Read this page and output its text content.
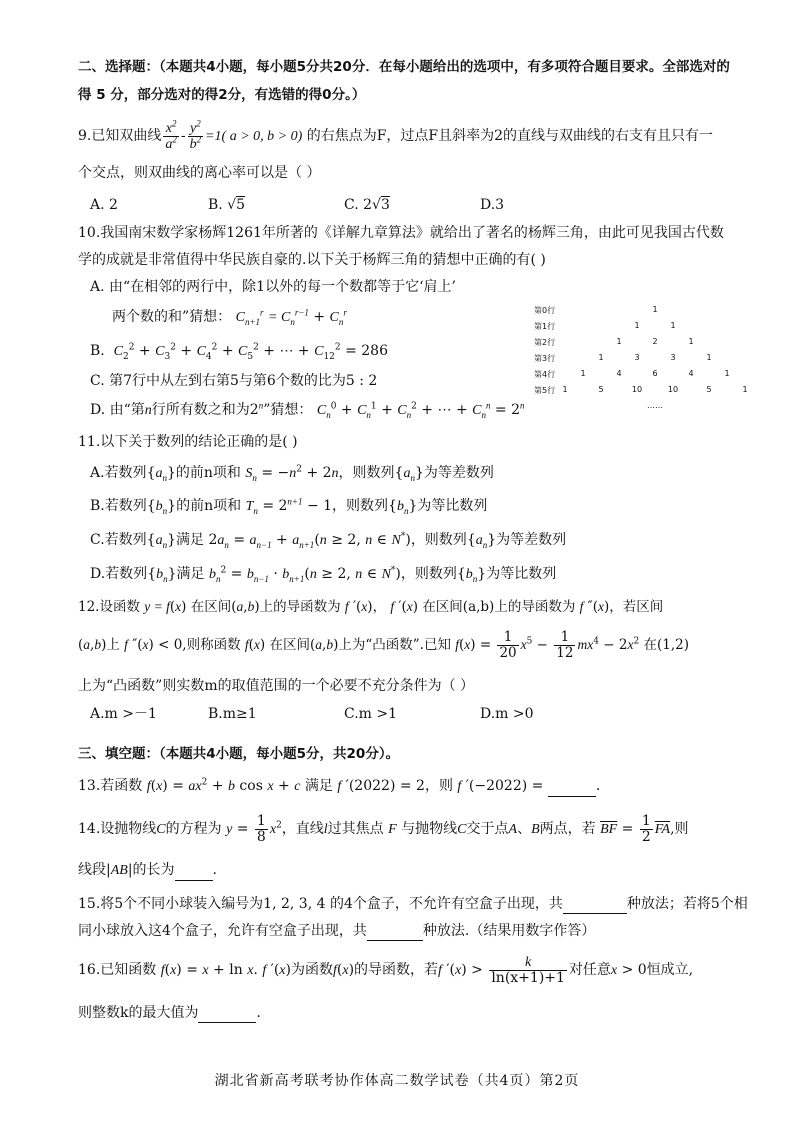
二、选择题：（本题共4小题，每小题5分共20分．在每小题给出的选项中，有多项符合题目要求。全部选对的
得 5 分，部分选对的得2分，有选错的得0分。）
9.已知双曲线 $\frac{x^2}{a^2} - \frac{y^2}{b^2} =1$( a > 0, b > 0) 的右焦点为F，过点F且斜率为2的直线与双曲线的右支有且只有一
个交点，则双曲线的离心率可以是（ ）
A. 2	B. √5	C. 2√3	D.3
10.我国南宋数学家杨辉1261年所著的《详解九章算法》就给出了著名的杨辉三角，由此可见我国古代数
学的成就是非常值得中华民族自豪的.以下关于杨辉三角的猜想中正确的有( )
A. 由“在相邻的两行中，除1以外的每一个数都等于它‘肩上’
两个数的和”猜想： $C_{n+1}^r = C_n^{r-1} + C_n^r$
B. $C_2^2 + C_3^2 + C_4^2 + C_5^2$ + ⋯ + $C_{12}^2 = 286$
C. 第7行中从左到右第5与第6个数的比为5 : 2
D. 由“第n行所有数之和为2$^n$”猜想： $C_n^0 + C_n^1 + C_n^2$ + ⋯ + $C_n^n = 2^n$
第0行	1
第1行	1	1
第2行	1	2	1
第3行	1	3	3	1
第4行	1	4	6	4	1
第5行 1	5	10	10	5	1
……
11.以下关于数列的结论正确的是( )
A.若数列$\{a_n\}$的前n项和 $S_n = -n^2 + 2n$，则数列$\{a_n\}$为等差数列
B.若数列$\{b_n\}$的前n项和 $T_n = 2^{n+1} - 1$，则数列$\{b_n\}$为等比数列
C.若数列$\{a_n\}$满足 $2a_n = a_{n-1} + a_{n+1}(n \ge 2$, n ∈ N*)，则数列$\{a_n\}$为等差数列
D.若数列$\{b_n\}$满足 $b_n^2 = b_{n-1} \cdot b_{n+1}(n \ge 2$, n ∈ N*)，则数列$\{b_n\}$为等比数列
12.设函数 y = f(x) 在区间(a,b)上的导函数为 f ′(x)， f ′(x) 在区间(a,b)上的导函数为 f ″(x)，若区间
(a,b)上 f ″(x) < 0,则称函数 f(x) 在区间(a,b)上为“凸函数”.已知 $f(x) = \frac{1}{20} x^5 - \frac{1}{12} mx^4 - 2x^2$ 在(1,2)
上为“凸函数”则实数m的取值范围的一个必要不充分条件为（ ）
A.m >－1	B.m≥1	C.m >1	D.m >0
三、填空题：（本题共4小题，每小题5分，共20分）。
13.若函数 $f(x) = ax^2 + b$ cos x + c 满足 f ′(2022) = 2，则 f ′(−2022) =	.
14.设抛物线C的方程为 $y = \frac{1}{8} x^2$，直线l过其焦点 F 与抛物线C交于点A、B两点，若 $\overline{BF} = \frac{1}{2} \overline{FA}$,则
线段|AB|的长为	.
15.将5个不同小球装入编号为1, 2, 3, 4 的4个盒子，不允许有空盒子出现，共	种放法；若将5个相
同小球放入这4个盒子，允许有空盒子出现，共	种放法.（结果用数字作答）
16.已知函数 f(x) = x + ln x. f ′(x)为函数f(x)的导函数，若f $'(x) > \frac{k}{\ln(x+1)+1}$ 对任意x > 0恒成立,
则整数k的最大值为	．
湖北省新高考联考协作体高二数学试卷（共4页）第2页
